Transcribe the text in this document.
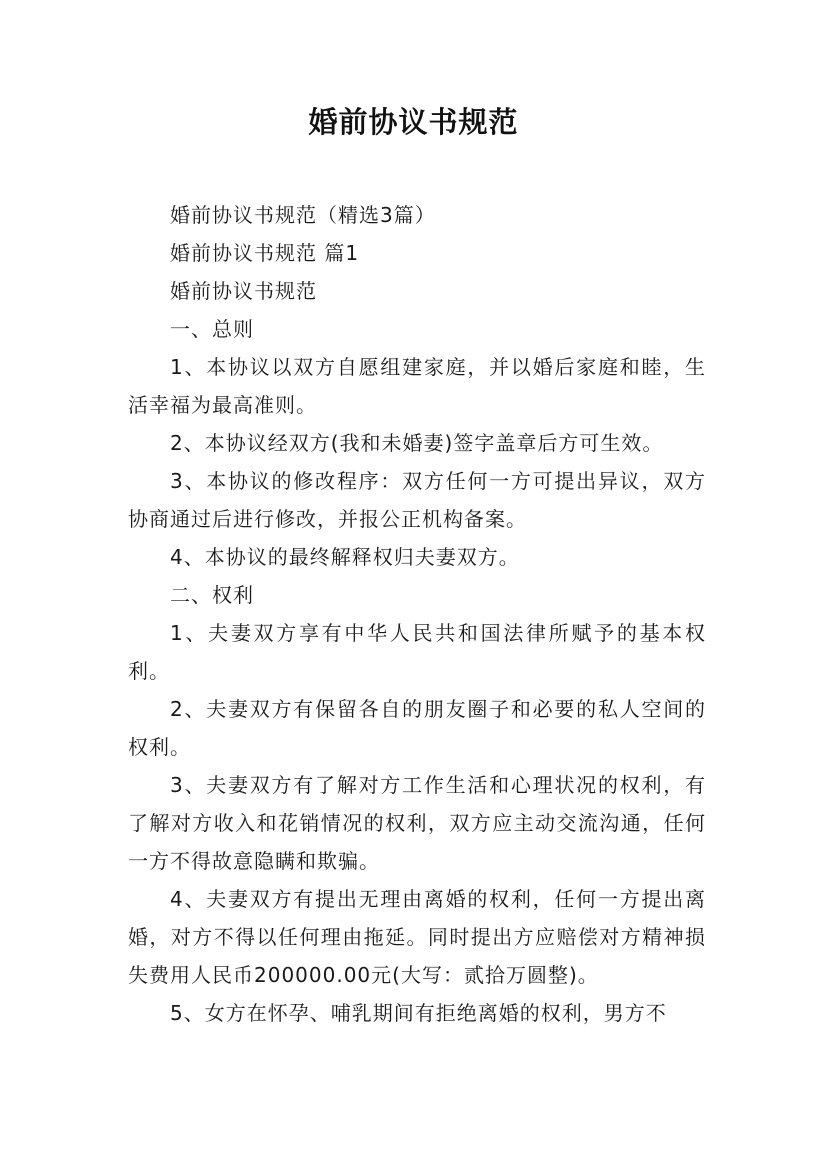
婚前协议书规范

婚前协议书规范（精选3篇）

婚前协议书规范 篇1

婚前协议书规范

一、总则

1、本协议以双方自愿组建家庭，并以婚后家庭和睦，生活幸福为最高准则。

2、本协议经双方(我和未婚妻)签字盖章后方可生效。

3、本协议的修改程序：双方任何一方可提出异议，双方协商通过后进行修改，并报公正机构备案。

4、本协议的最终解释权归夫妻双方。

二、权利

1、夫妻双方享有中华人民共和国法律所赋予的基本权利。

2、夫妻双方有保留各自的朋友圈子和必要的私人空间的权利。

3、夫妻双方有了解对方工作生活和心理状况的权利，有了解对方收入和花销情况的权利，双方应主动交流沟通，任何一方不得故意隐瞒和欺骗。

4、夫妻双方有提出无理由离婚的权利，任何一方提出离婚，对方不得以任何理由拖延。同时提出方应赔偿对方精神损失费用人民币200000.00元(大写：贰拾万圆整)。

5、女方在怀孕、哺乳期间有拒绝离婚的权利，男方不
